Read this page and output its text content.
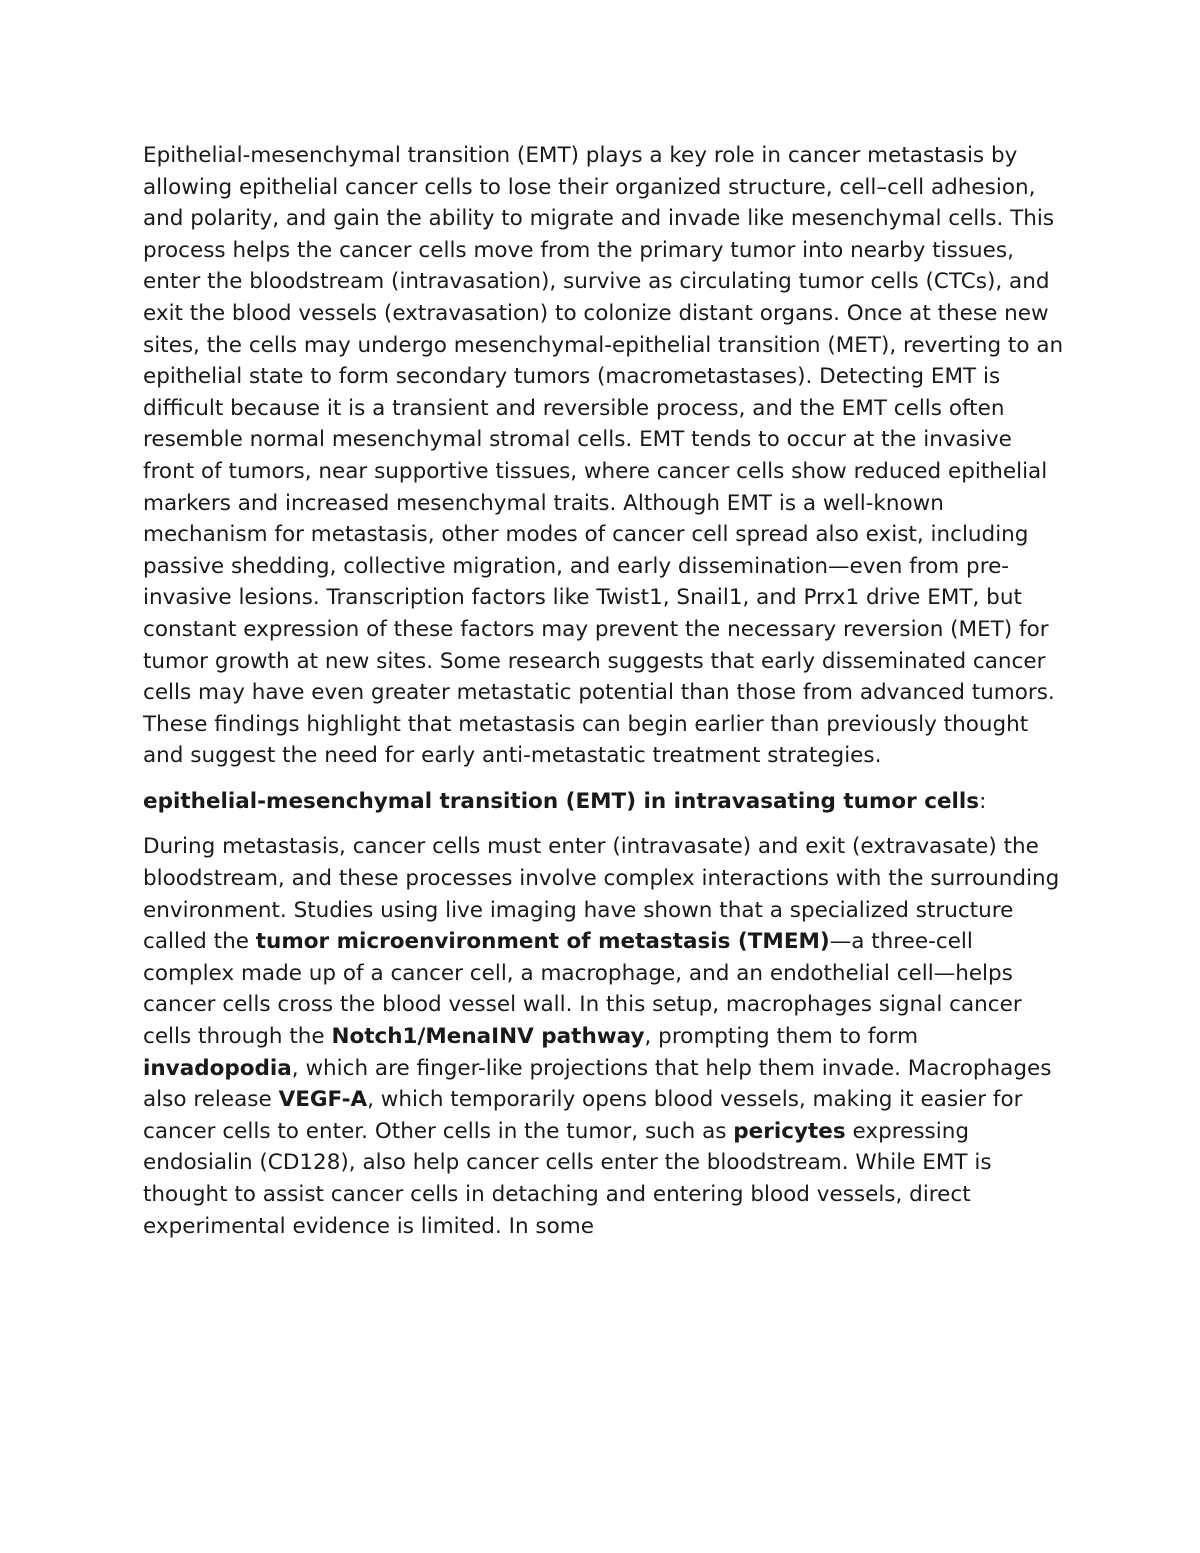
Epithelial-mesenchymal transition (EMT) plays a key role in cancer metastasis by allowing epithelial cancer cells to lose their organized structure, cell–cell adhesion, and polarity, and gain the ability to migrate and invade like mesenchymal cells. This process helps the cancer cells move from the primary tumor into nearby tissues, enter the bloodstream (intravasation), survive as circulating tumor cells (CTCs), and exit the blood vessels (extravasation) to colonize distant organs. Once at these new sites, the cells may undergo mesenchymal-epithelial transition (MET), reverting to an epithelial state to form secondary tumors (macrometastases). Detecting EMT is difficult because it is a transient and reversible process, and the EMT cells often resemble normal mesenchymal stromal cells. EMT tends to occur at the invasive front of tumors, near supportive tissues, where cancer cells show reduced epithelial markers and increased mesenchymal traits. Although EMT is a well-known mechanism for metastasis, other modes of cancer cell spread also exist, including passive shedding, collective migration, and early dissemination—even from pre-invasive lesions. Transcription factors like Twist1, Snail1, and Prrx1 drive EMT, but constant expression of these factors may prevent the necessary reversion (MET) for tumor growth at new sites. Some research suggests that early disseminated cancer cells may have even greater metastatic potential than those from advanced tumors. These findings highlight that metastasis can begin earlier than previously thought and suggest the need for early anti-metastatic treatment strategies.

epithelial-mesenchymal transition (EMT) in intravasating tumor cells:

During metastasis, cancer cells must enter (intravasate) and exit (extravasate) the bloodstream, and these processes involve complex interactions with the surrounding environment. Studies using live imaging have shown that a specialized structure called the tumor microenvironment of metastasis (TMEM)—a three-cell complex made up of a cancer cell, a macrophage, and an endothelial cell—helps cancer cells cross the blood vessel wall. In this setup, macrophages signal cancer cells through the Notch1/MenaINV pathway, prompting them to form invadopodia, which are finger-like projections that help them invade. Macrophages also release VEGF-A, which temporarily opens blood vessels, making it easier for cancer cells to enter. Other cells in the tumor, such as pericytes expressing endosialin (CD128), also help cancer cells enter the bloodstream. While EMT is thought to assist cancer cells in detaching and entering blood vessels, direct experimental evidence is limited. In some
